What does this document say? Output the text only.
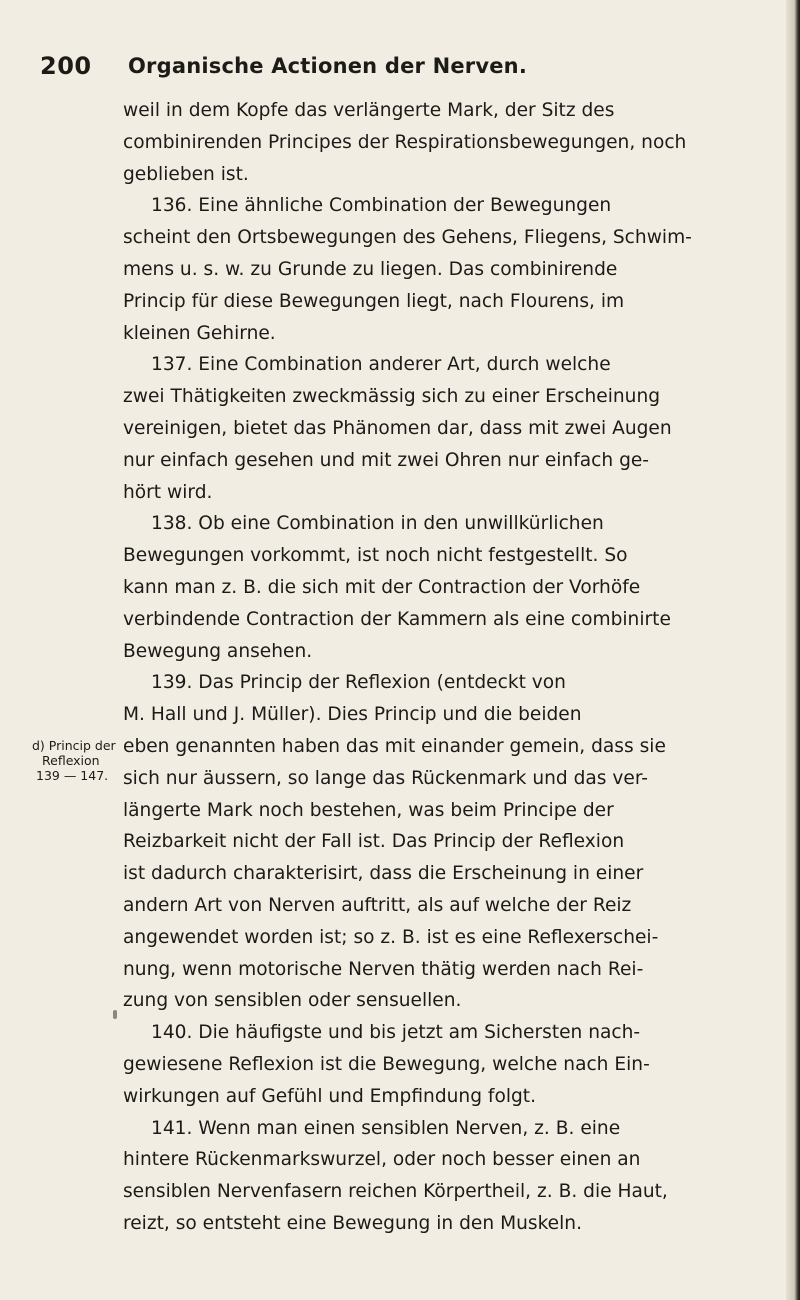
200 Organische Actionen der Nerven.
d) Princip der
Reflexion
139 — 147.
weil in dem Kopfe das verlängerte Mark, der Sitz des
combinirenden Principes der Respirationsbewegungen, noch
geblieben ist.
136. Eine ähnliche Combination der Bewegungen
scheint den Ortsbewegungen des Gehens, Fliegens, Schwim-
mens u. s. w. zu Grunde zu liegen. Das combinirende
Princip für diese Bewegungen liegt, nach Flourens, im
kleinen Gehirne.
137. Eine Combination anderer Art, durch welche
zwei Thätigkeiten zweckmässig sich zu einer Erscheinung
vereinigen, bietet das Phänomen dar, dass mit zwei Augen
nur einfach gesehen und mit zwei Ohren nur einfach ge-
hört wird.
138. Ob eine Combination in den unwillkürlichen
Bewegungen vorkommt, ist noch nicht festgestellt. So
kann man z. B. die sich mit der Contraction der Vorhöfe
verbindende Contraction der Kammern als eine combinirte
Bewegung ansehen.
139. Das Princip der Reflexion (entdeckt von
M. Hall und J. Müller). Dies Princip und die beiden
eben genannten haben das mit einander gemein, dass sie
sich nur äussern, so lange das Rückenmark und das ver-
längerte Mark noch bestehen, was beim Principe der
Reizbarkeit nicht der Fall ist. Das Princip der Reflexion
ist dadurch charakterisirt, dass die Erscheinung in einer
andern Art von Nerven auftritt, als auf welche der Reiz
angewendet worden ist; so z. B. ist es eine Reflexerschei-
nung, wenn motorische Nerven thätig werden nach Rei-
zung von sensiblen oder sensuellen.
140. Die häufigste und bis jetzt am Sichersten nach-
gewiesene Reflexion ist die Bewegung, welche nach Ein-
wirkungen auf Gefühl und Empfindung folgt.
141. Wenn man einen sensiblen Nerven, z. B. eine
hintere Rückenmarkswurzel, oder noch besser einen an
sensiblen Nervenfasern reichen Körpertheil, z. B. die Haut,
reizt, so entsteht eine Bewegung in den Muskeln.
